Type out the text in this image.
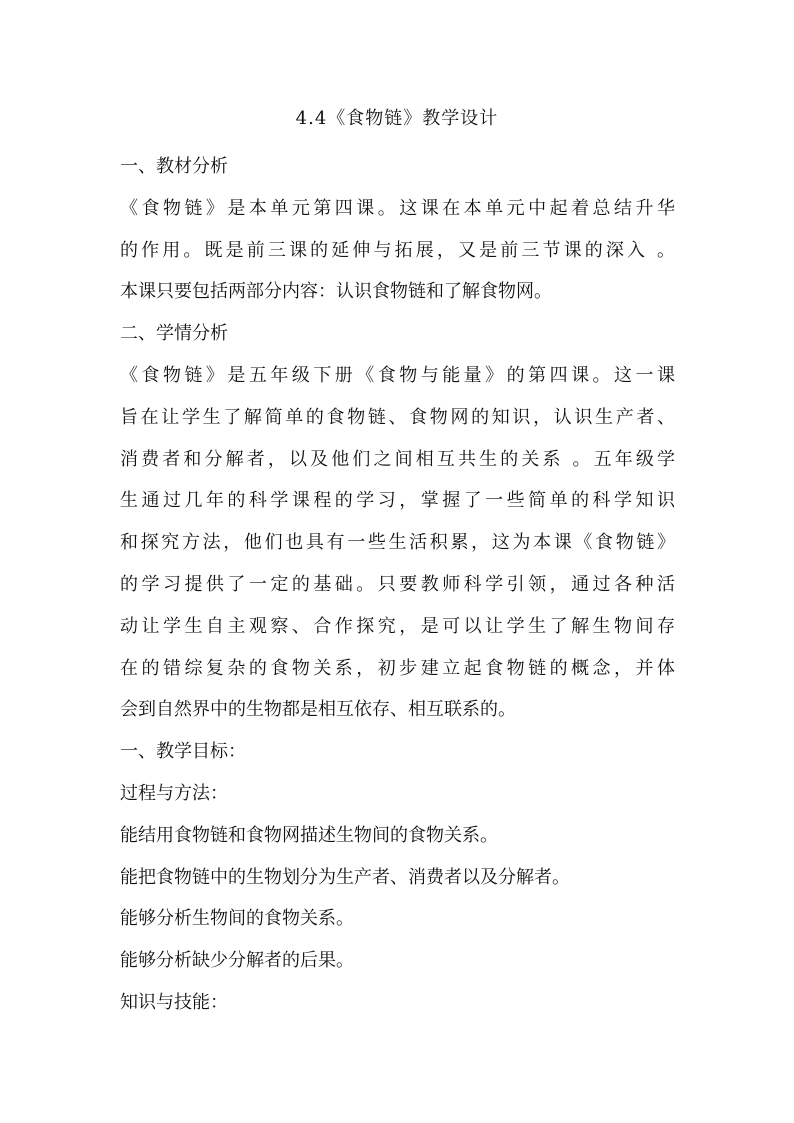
4.4《食物链》教学设计
一、教材分析
《食物链》是本单元第四课。这课在本单元中起着总结升华
的作用。既是前三课的延伸与拓展，又是前三节课的深入 。
本课只要包括两部分内容：认识食物链和了解食物网。
二、学情分析
《食物链》是五年级下册《食物与能量》的第四课。这一课
旨在让学生了解简单的食物链、食物网的知识，认识生产者、
消费者和分解者，以及他们之间相互共生的关系 。五年级学
生通过几年的科学课程的学习，掌握了一些简单的科学知识
和探究方法，他们也具有一些生活积累，这为本课《食物链》
的学习提供了一定的基础。只要教师科学引领，通过各种活
动让学生自主观察、合作探究，是可以让学生了解生物间存
在的错综复杂的食物关系，初步建立起食物链的概念，并体
会到自然界中的生物都是相互依存、相互联系的。
一、教学目标：
过程与方法：
能结用食物链和食物网描述生物间的食物关系。
能把食物链中的生物划分为生产者、消费者以及分解者。
能够分析生物间的食物关系。
能够分析缺少分解者的后果。
知识与技能：
